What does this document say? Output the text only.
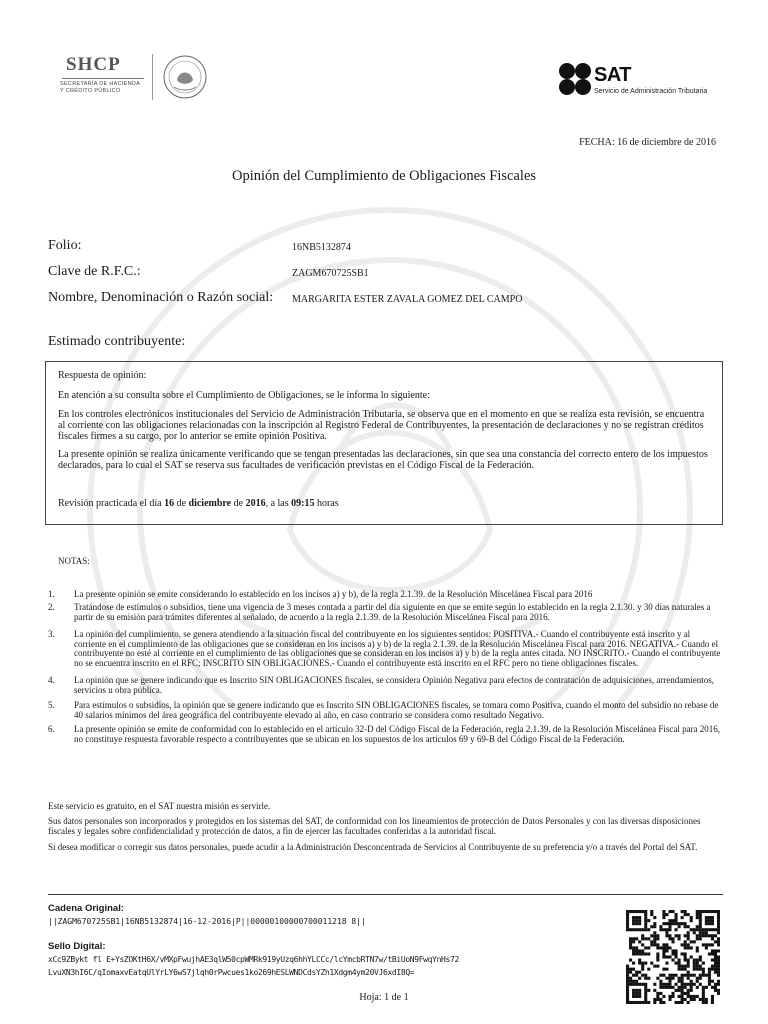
SHCP
SECRETARÍA DE HACIENDA
Y CRÉDITO PÚBLICO
SAT
Servicio de Administración Tributaria
FECHA: 16 de diciembre de 2016
Opinión del Cumplimiento de Obligaciones Fiscales
Folio:	16NB5132874
Clave de R.F.C.:	ZAGM670725SB1
Nombre, Denominación o Razón social: MARGARITA ESTER ZAVALA GOMEZ DEL CAMPO
Estimado contribuyente:

Respuesta de opinión:

En atención a su consulta sobre el Cumplimiento de Obligaciones, se le informa lo siguiente:

En los controles electrónicos institucionales del Servicio de Administración Tributaria, se observa que en el momento en que se realiza esta revisión, se encuentra al corriente con las obligaciones relacionadas con la inscripción al Registro Federal de Contribuyentes, la presentación de declaraciones y no se registran créditos fiscales firmes a su cargo, por lo anterior se emite opinión Positiva.

La presente opinión se realiza únicamente verificando que se tengan presentadas las declaraciones, sin que sea una constancia del correcto entero de los impuestos declarados, para lo cual el SAT se reserva sus facultades de verificación previstas en el Código Fiscal de la Federación.

Revisión practicada el día 16 de diciembre de 2016, a las 09:15 horas

NOTAS:
1. La presente opinión se emite considerando lo establecido en los incisos a) y b), de la regla 2.1.39. de la Resolución Miscelánea Fiscal para 2016
2. Tratándose de estímulos o subsidios, tiene una vigencia de 3 meses contada a partir del día siguiente en que se emite según lo establecido en la regla 2.1.30. y 30 días naturales a partir de su emisión para trámites diferentes al señalado, de acuerdo a la regla 2.1.39. de la Resolución Miscelánea Fiscal para 2016.
3. La opinión del cumplimiento, se genera atendiendo a la situación fiscal del contribuyente en los siguientes sentidos: POSITIVA.- Cuando el contribuyente está inscrito y al corriente en el cumplimiento de las obligaciones que se consideran en los incisos a) y b) de la regla 2.1.39. de la Resolución Miscelánea Fiscal para 2016. NEGATIVA.- Cuando el contribuyente no esté al corriente en el cumplimiento de las obligaciones que se consideran en los incisos a) y b) de la regla antes citada. NO INSCRITO.- Cuando el contribuyente no se encuentra inscrito en el RFC; INSCRITO SIN OBLIGACIONES.- Cuando el contribuyente está inscrito en el RFC pero no tiene obligaciones fiscales.
4. La opinión que se genere indicando que es Inscrito SIN OBLIGACIONES fiscales, se considera Opinión Negativa para efectos de contratación de adquisiciones, arrendamientos, servicios u obra pública.
5. Para estímulos o subsidios, la opinión que se genere indicando que es Inscrito SIN OBLIGACIONES fiscales, se tomara como Positiva, cuando el monto del subsidio no rebase de 40 salarios mínimos del área geográfica del contribuyente elevado al año, en caso contrario se considera como resultado Negativo.
6. La presente opinión se emite de conformidad con lo establecido en el artículo 32-D del Código Fiscal de la Federación, regla 2.1.39. de la Resolución Miscelánea Fiscal para 2016, no constituye respuesta favorable respecto a contribuyentes que se ubican en los supuestos de los artículos 69 y 69-B del Código Fiscal de la Federación.
Este servicio es gratuito, en el SAT nuestra misión es servirle.
Sus datos personales son incorporados y protegidos en los sistemas del SAT, de conformidad con los lineamientos de protección de Datos Personales y con las diversas disposiciones fiscales y legales sobre confidencialidad y protección de datos, a fin de ejercer las facultades conferidas a la autoridad fiscal.
Si desea modificar o corregir sus datos personales, puede acudir a la Administración Desconcentrada de Servicios al Contribuyente de su preferencia y/o a través del Portal del SAT.
Cadena Original:
||ZAGM670725SB1|16NB5132874|16-12-2016|P||00000100000700011218 8||
Sello Digital:
xCc9ZBykt fl E+YsZOKtH6X/vMXpFwujhAE3qlW50cpWMRk919yUzq6hhYLCCc/lcYmcbRTN7w/tBiUoN9FwqYnHs72
LvuXN3hI6C/qIomaxvEatqUlYrLY6wS7jlqh0rPwcues1ko269hESLWNDCdsYZh1Xdgm4ym20VJ6xdI8Q=
Hoja: 1 de 1
